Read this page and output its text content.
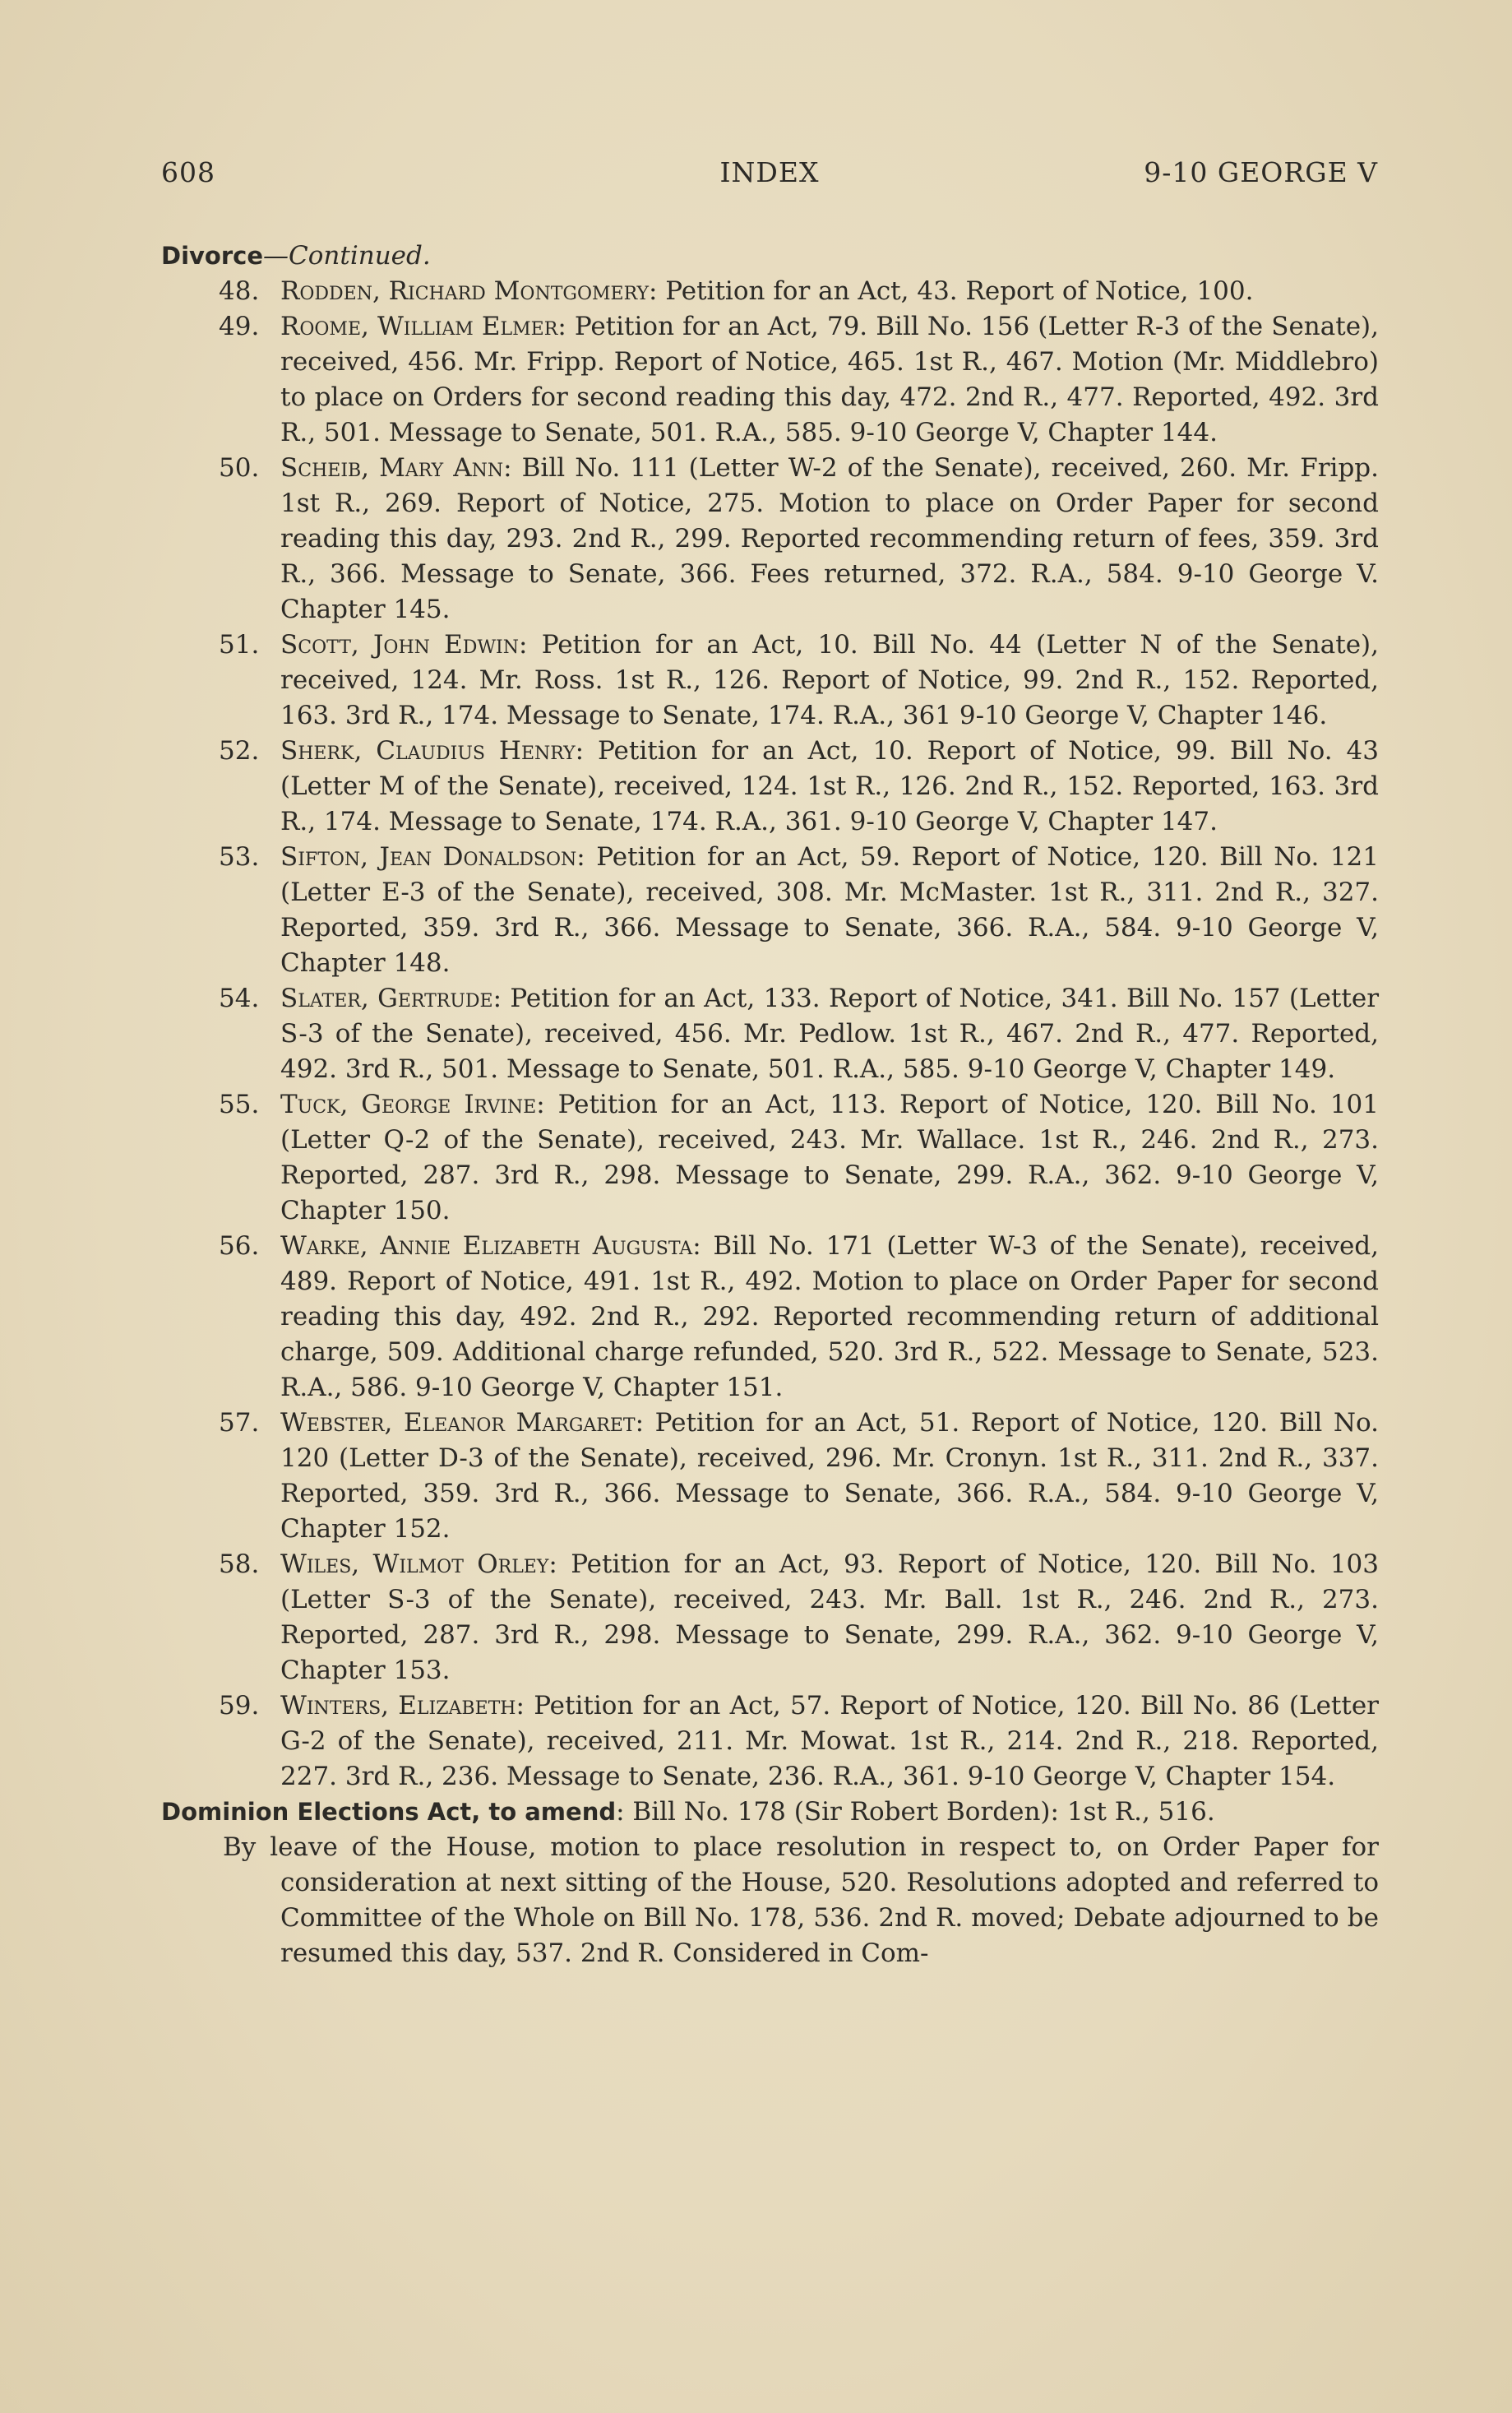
INDEX
608	9-10 GEORGE V
Divorce—Continued.
48. Rodden, Richard Montgomery: Petition for an Act, 43. Report of Notice, 100.
49. Roome, William Elmer: Petition for an Act, 79. Bill No. 156 (Letter R-3 of the Senate), received, 456. Mr. Fripp. Report of Notice, 465. 1st R., 467. Motion (Mr. Middlebro) to place on Orders for second reading this day, 472. 2nd R., 477. Reported, 492. 3rd R., 501. Message to Senate, 501. R.A., 585. 9-10 George V, Chapter 144.
50. Scheib, Mary Ann: Bill No. 111 (Letter W-2 of the Senate), received, 260. Mr. Fripp. 1st R., 269. Report of Notice, 275. Motion to place on Order Paper for second reading this day, 293. 2nd R., 299. Reported recommending return of fees, 359. 3rd R., 366. Message to Senate, 366. Fees returned, 372. R.A., 584. 9-10 George V. Chapter 145.
51. Scott, John Edwin: Petition for an Act, 10. Bill No. 44 (Letter N of the Senate), received, 124. Mr. Ross. 1st R., 126. Report of Notice, 99. 2nd R., 152. Reported, 163. 3rd R., 174. Message to Senate, 174. R.A., 361 9-10 George V, Chapter 146.
52. Sherk, Claudius Henry: Petition for an Act, 10. Report of Notice, 99. Bill No. 43 (Letter M of the Senate), received, 124. 1st R., 126. 2nd R., 152. Reported, 163. 3rd R., 174. Message to Senate, 174. R.A., 361. 9-10 George V, Chapter 147.
53. Sifton, Jean Donaldson: Petition for an Act, 59. Report of Notice, 120. Bill No. 121 (Letter E-3 of the Senate), received, 308. Mr. McMaster. 1st R., 311. 2nd R., 327. Reported, 359. 3rd R., 366. Message to Senate, 366. R.A., 584. 9-10 George V, Chapter 148.
54. Slater, Gertrude: Petition for an Act, 133. Report of Notice, 341. Bill No. 157 (Letter S-3 of the Senate), received, 456. Mr. Pedlow. 1st R., 467. 2nd R., 477. Reported, 492. 3rd R., 501. Message to Senate, 501. R.A., 585. 9-10 George V, Chapter 149.
55. Tuck, George Irvine: Petition for an Act, 113. Report of Notice, 120. Bill No. 101 (Letter Q-2 of the Senate), received, 243. Mr. Wallace. 1st R., 246. 2nd R., 273. Reported, 287. 3rd R., 298. Message to Senate, 299. R.A., 362. 9-10 George V, Chapter 150.
56. Warke, Annie Elizabeth Augusta: Bill No. 171 (Letter W-3 of the Senate), received, 489. Report of Notice, 491. 1st R., 492. Motion to place on Order Paper for second reading this day, 492. 2nd R., 292. Reported recommending return of additional charge, 509. Additional charge refunded, 520. 3rd R., 522. Message to Senate, 523. R.A., 586. 9-10 George V, Chapter 151.
57. Webster, Eleanor Margaret: Petition for an Act, 51. Report of Notice, 120. Bill No. 120 (Letter D-3 of the Senate), received, 296. Mr. Cronyn. 1st R., 311. 2nd R., 337. Reported, 359. 3rd R., 366. Message to Senate, 366. R.A., 584. 9-10 George V, Chapter 152.
58. Wiles, Wilmot Orley: Petition for an Act, 93. Report of Notice, 120. Bill No. 103 (Letter S-3 of the Senate), received, 243. Mr. Ball. 1st R., 246. 2nd R., 273. Reported, 287. 3rd R., 298. Message to Senate, 299. R.A., 362. 9-10 George V, Chapter 153.
59. Winters, Elizabeth: Petition for an Act, 57. Report of Notice, 120. Bill No. 86 (Letter G-2 of the Senate), received, 211. Mr. Mowat. 1st R., 214. 2nd R., 218. Reported, 227. 3rd R., 236. Message to Senate, 236. R.A., 361. 9-10 George V, Chapter 154.
Dominion Elections Act, to amend: Bill No. 178 (Sir Robert Borden): 1st R., 516.
By leave of the House, motion to place resolution in respect to, on Order Paper for consideration at next sitting of the House, 520. Resolutions adopted and referred to Committee of the Whole on Bill No. 178, 536. 2nd R. moved; Debate adjourned to be resumed this day, 537. 2nd R. Considered in Com-
